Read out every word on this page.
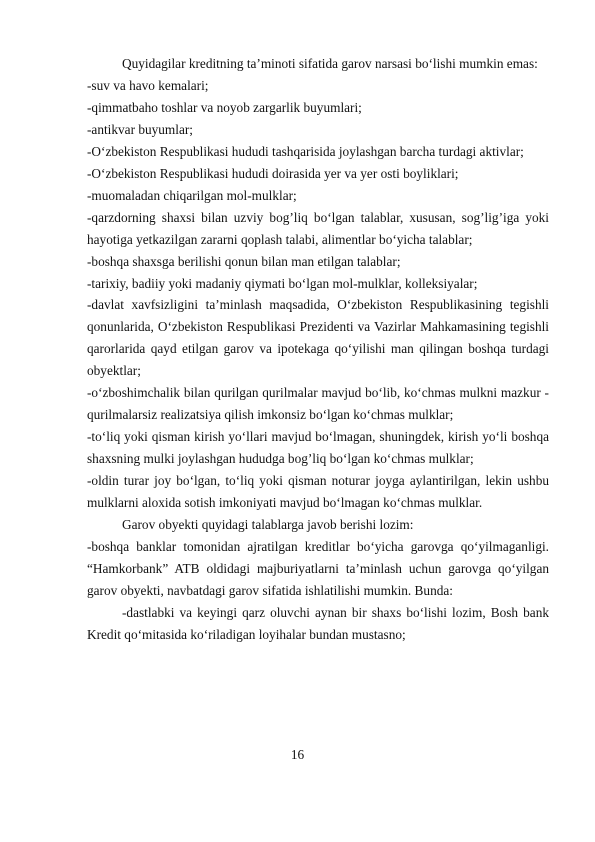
Quyidagilar kreditning taʼminoti sifatida garov narsasi bo‘lishi mumkin emas:

-suv va havo kemalari;

-qimmatbaho toshlar va noyob zargarlik buyumlari;

-antikvar buyumlar;

-O‘zbekiston Respublikasi hududi tashqarisida joylashgan barcha turdagi aktivlar;

-O‘zbekiston Respublikasi hududi doirasida yer va yer osti boyliklari;

-muomaladan chiqarilgan mol-mulklar;

-qarzdorning shaxsi bilan uzviy bogʼliq bo‘lgan talablar, xususan, sogʼligʼiga yoki hayotiga yetkazilgan zararni qoplash talabi, alimentlar bo‘yicha talablar;

-boshqa shaxsga berilishi qonun bilan man etilgan talablar;

-tarixiy, badiiy yoki madaniy qiymati bo‘lgan mol-mulklar, kolleksiyalar;

-davlat xavfsizligini taʼminlash maqsadida, O‘zbekiston Respublikasining tegishli qonunlarida, O‘zbekiston Respublikasi Prezidenti va Vazirlar Mahkamasining tegishli qarorlarida qayd etilgan garov va ipotekaga qo‘yilishi man qilingan boshqa turdagi obyektlar;

-o‘zboshimchalik bilan qurilgan qurilmalar mavjud bo‘lib, ko‘chmas mulkni mazkur -qurilmalarsiz realizatsiya qilish imkonsiz bo‘lgan ko‘chmas mulklar;

-to‘liq yoki qisman kirish yo‘llari mavjud bo‘lmagan, shuningdek, kirish yo‘li boshqa shaxsning mulki joylashgan hududga bogʼliq bo‘lgan ko‘chmas mulklar;

-oldin turar joy bo‘lgan, to‘liq yoki qisman noturar joyga aylantirilgan, lekin ushbu mulklarni aloxida sotish imkoniyati mavjud bo‘lmagan ko‘chmas mulklar.

Garov obyekti quyidagi talablarga javob berishi lozim:

-boshqa banklar tomonidan ajratilgan kreditlar bo‘yicha garovga qo‘yilmaganligi. “Hamkorbank” ATB oldidagi majburiyatlarni taʼminlash uchun garovga qo‘yilgan garov obyekti, navbatdagi garov sifatida ishlatilishi mumkin. Bunda:

-dastlabki va keyingi qarz oluvchi aynan bir shaxs bo‘lishi lozim, Bosh bank Kredit qo‘mitasida ko‘riladigan loyihalar bundan mustasno;

16
